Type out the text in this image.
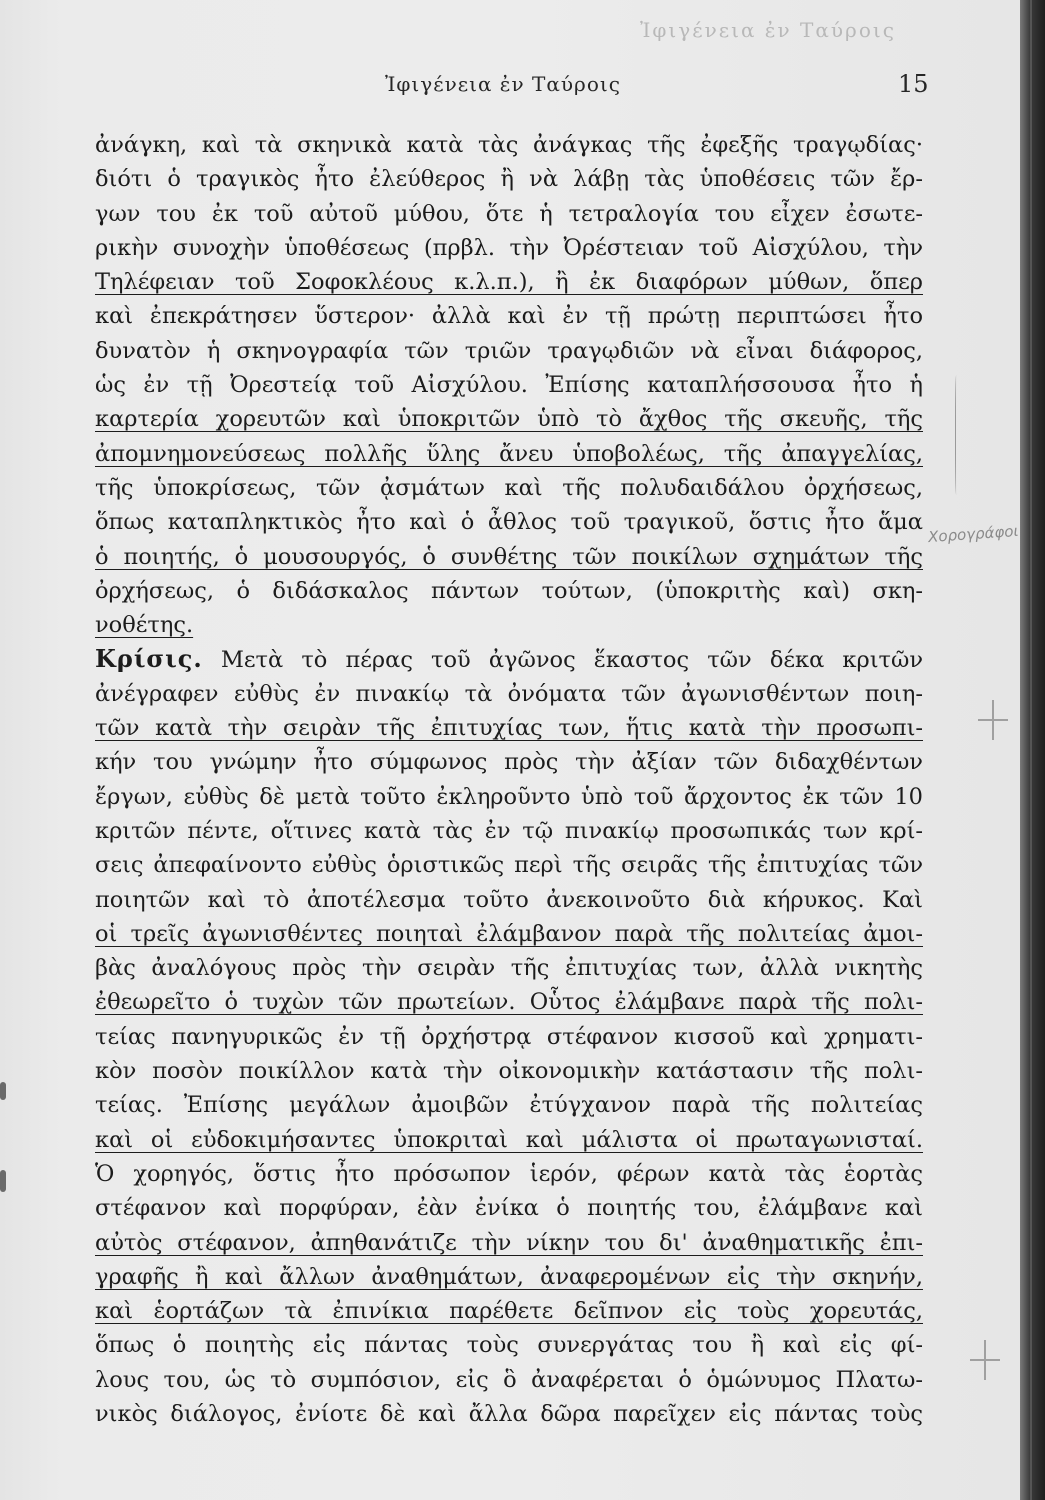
Ἰφιγένεια ἐν Ταύροις
Ἰφιγένεια ἐν Ταύροις	15
ἀνάγκη, καὶ τὰ σκηνικὰ κατὰ τὰς ἀνάγκας τῆς ἐφεξῆς τραγῳδίας·
διότι ὁ τραγικὸς ἦτο ἐλεύθερος ἢ νὰ λάβῃ τὰς ὑποθέσεις τῶν ἔρ-
γων του ἐκ τοῦ αὐτοῦ μύθου, ὅτε ἡ τετραλογία του εἶχεν ἐσωτε-
ρικὴν συνοχὴν ὑποθέσεως (πρβλ. τὴν Ὀρέστειαν τοῦ Αἰσχύλου, τὴν
Τηλέφειαν τοῦ Σοφοκλέους κ.λ.π.), ἢ ἐκ διαφόρων μύθων, ὅπερ
καὶ ἐπεκράτησεν ὕστερον· ἀλλὰ καὶ ἐν τῇ πρώτῃ περιπτώσει ἦτο
δυνατὸν ἡ σκηνογραφία τῶν τριῶν τραγῳδιῶν νὰ εἶναι διάφορος,
ὡς ἐν τῇ Ὀρεστείᾳ τοῦ Αἰσχύλου. Ἐπίσης καταπλήσσουσα ἦτο ἡ
καρτερία χορευτῶν καὶ ὑποκριτῶν ὑπὸ τὸ ἄχθος τῆς σκευῆς, τῆς
ἀπομνημονεύσεως πολλῆς ὕλης ἄνευ ὑποβολέως, τῆς ἀπαγγελίας,
τῆς ὑποκρίσεως, τῶν ᾀσμάτων καὶ τῆς πολυδαιδάλου ὀρχήσεως,
ὅπως καταπληκτικὸς ἦτο καὶ ὁ ἆθλος τοῦ τραγικοῦ, ὅστις ἦτο ἅμα
ὁ ποιητής, ὁ μουσουργός, ὁ συνθέτης τῶν ποικίλων σχημάτων τῆς
ὀρχήσεως, ὁ διδάσκαλος πάντων τούτων, (ὑποκριτὴς καὶ) σκη-
νοθέτης.
Κρίσις. Μετὰ τὸ πέρας τοῦ ἀγῶνος ἕκαστος τῶν δέκα κριτῶν
ἀνέγραφεν εὐθὺς ἐν πινακίῳ τὰ ὀνόματα τῶν ἀγωνισθέντων ποιη-
τῶν κατὰ τὴν σειρὰν τῆς ἐπιτυχίας των, ἥτις κατὰ τὴν προσωπι-
κήν του γνώμην ἦτο σύμφωνος πρὸς τὴν ἀξίαν τῶν διδαχθέντων
ἔργων, εὐθὺς δὲ μετὰ τοῦτο ἐκληροῦντο ὑπὸ τοῦ ἄρχοντος ἐκ τῶν 10
κριτῶν πέντε, οἵτινες κατὰ τὰς ἐν τῷ πινακίῳ προσωπικάς των κρί-
σεις ἀπεφαίνοντο εὐθὺς ὁριστικῶς περὶ τῆς σειρᾶς τῆς ἐπιτυχίας τῶν
ποιητῶν καὶ τὸ ἀποτέλεσμα τοῦτο ἀνεκοινοῦτο διὰ κήρυκος. Καὶ
οἱ τρεῖς ἀγωνισθέντες ποιηταὶ ἐλάμβανον παρὰ τῆς πολιτείας ἀμοι-
βὰς ἀναλόγους πρὸς τὴν σειρὰν τῆς ἐπιτυχίας των, ἀλλὰ νικητὴς
ἐθεωρεῖτο ὁ τυχὼν τῶν πρωτείων. Οὗτος ἐλάμβανε παρὰ τῆς πολι-
τείας πανηγυρικῶς ἐν τῇ ὀρχήστρᾳ στέφανον κισσοῦ καὶ χρηματι-
κὸν ποσὸν ποικίλλον κατὰ τὴν οἰκονομικὴν κατάστασιν τῆς πολι-
τείας. Ἐπίσης μεγάλων ἀμοιβῶν ἐτύγχανον παρὰ τῆς πολιτείας
καὶ οἱ εὐδοκιμήσαντες ὑποκριταὶ καὶ μάλιστα οἱ πρωταγωνισταί.
Ὁ χορηγός, ὅστις ἦτο πρόσωπον ἱερόν, φέρων κατὰ τὰς ἑορτὰς
στέφανον καὶ πορφύραν, ἐὰν ἐνίκα ὁ ποιητής του, ἐλάμβανε καὶ
αὐτὸς στέφανον, ἀπηθανάτιζε τὴν νίκην του δι' ἀναθηματικῆς ἐπι-
γραφῆς ἢ καὶ ἄλλων ἀναθημάτων, ἀναφερομένων εἰς τὴν σκηνήν,
καὶ ἑορτάζων τὰ ἐπινίκια παρέθετε δεῖπνον εἰς τοὺς χορευτάς,
ὅπως ὁ ποιητὴς εἰς πάντας τοὺς συνεργάτας του ἢ καὶ εἰς φί-
λους του, ὡς τὸ συμπόσιον, εἰς ὃ ἀναφέρεται ὁ ὁμώνυμος Πλατω-
νικὸς διάλογος, ἐνίοτε δὲ καὶ ἄλλα δῶρα παρεῖχεν εἰς πάντας τοὺς
Χορογράφοι
